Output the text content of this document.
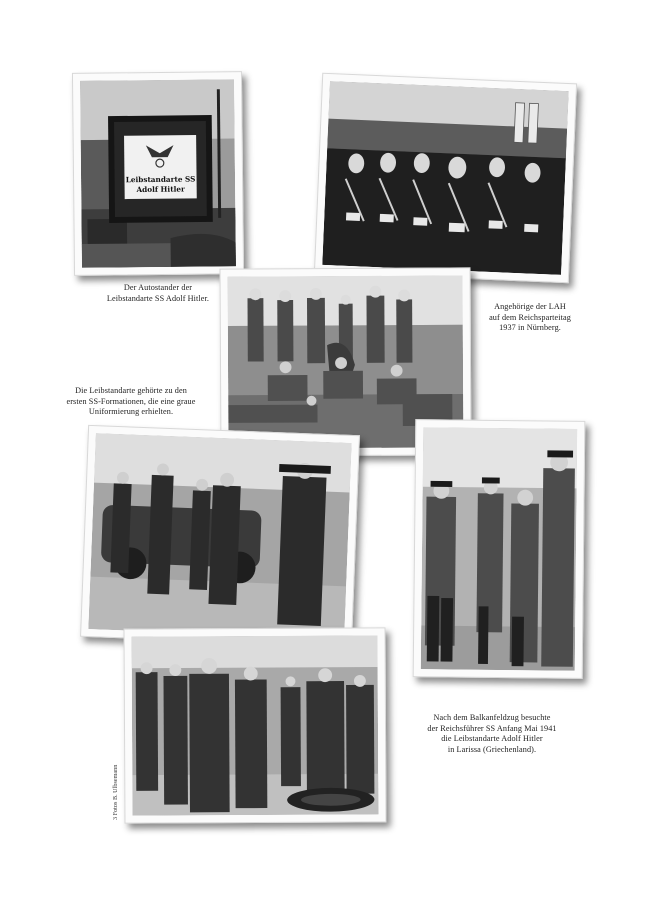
Leibstandarte SS
Adolf Hitler
Der Autostander der
Leibstandarte SS Adolf Hitler.
Angehörige der LAH
auf dem Reichsparteitag
1937 in Nürnberg.
Die Leibstandarte gehörte zu den
ersten SS-Formationen, die eine graue
Uniformierung erhielten.
Nach dem Balkanfeldzug besuchte
der Reichsführer SS Anfang Mai 1941
die Leibstandarte Adolf Hitler
in Larissa (Griechenland).
3 Fotos B. Ulbsemann
